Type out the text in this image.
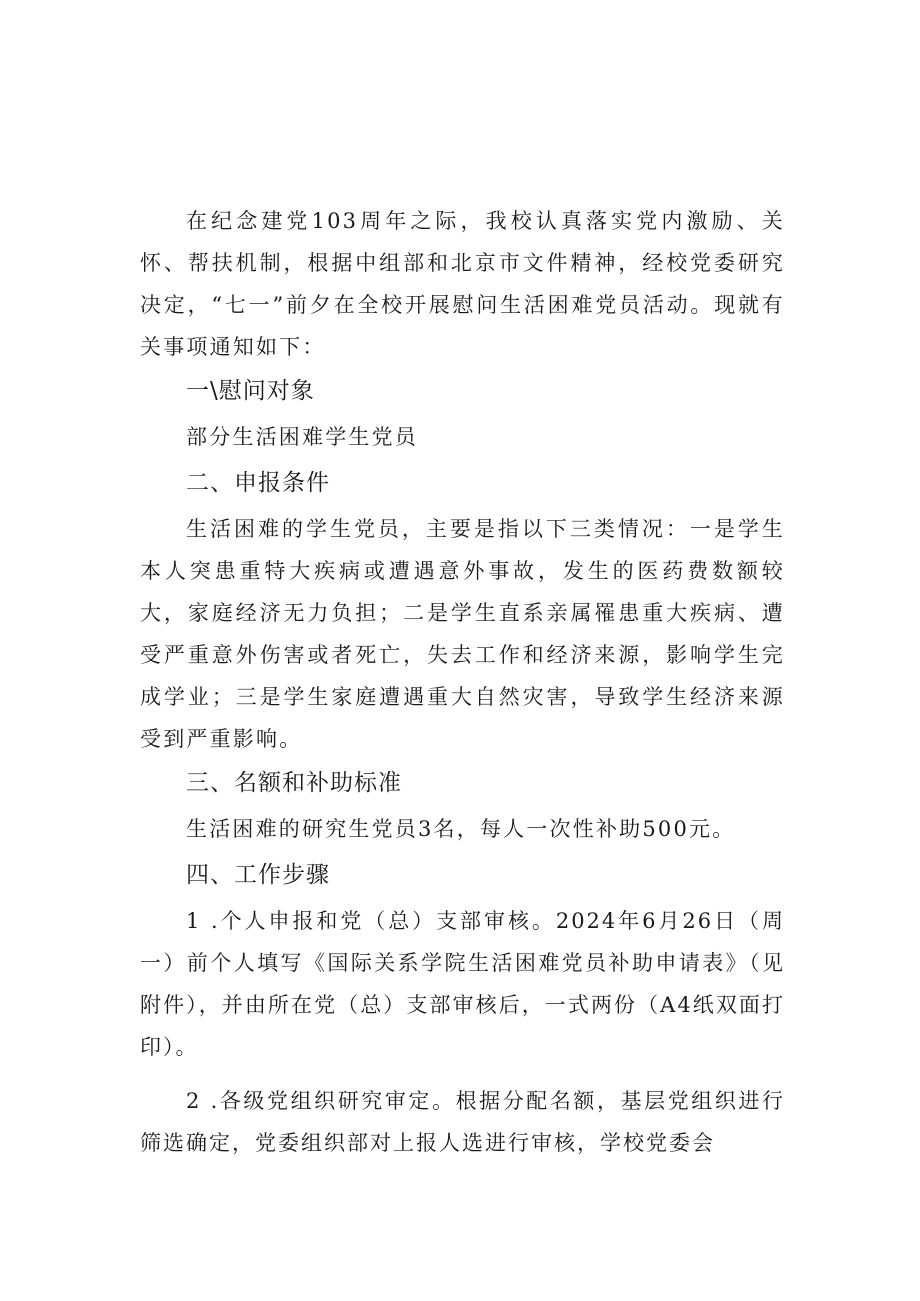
在纪念建党103周年之际，我校认真落实党内激励、关怀、帮扶机制，根据中组部和北京市文件精神，经校党委研究决定，“七一”前夕在全校开展慰问生活困难党员活动。现就有关事项通知如下：

一\慰问对象
部分生活困难学生党员
二、申报条件

生活困难的学生党员，主要是指以下三类情况：一是学生本人突患重特大疾病或遭遇意外事故，发生的医药费数额较大，家庭经济无力负担；二是学生直系亲属罹患重大疾病、遭受严重意外伤害或者死亡，失去工作和经济来源，影响学生完成学业；三是学生家庭遭遇重大自然灾害，导致学生经济来源受到严重影响。

三、名额和补助标准
生活困难的研究生党员3名，每人一次性补助500元。
四、工作步骤

1 .个人申报和党（总）支部审核。2024年6月26日（周一）前个人填写《国际关系学院生活困难党员补助申请表》（见附件），并由所在党（总）支部审核后，一式两份（A4纸双面打印）。

2 .各级党组织研究审定。根据分配名额，基层党组织进行筛选确定，党委组织部对上报人选进行审核，学校党委会
